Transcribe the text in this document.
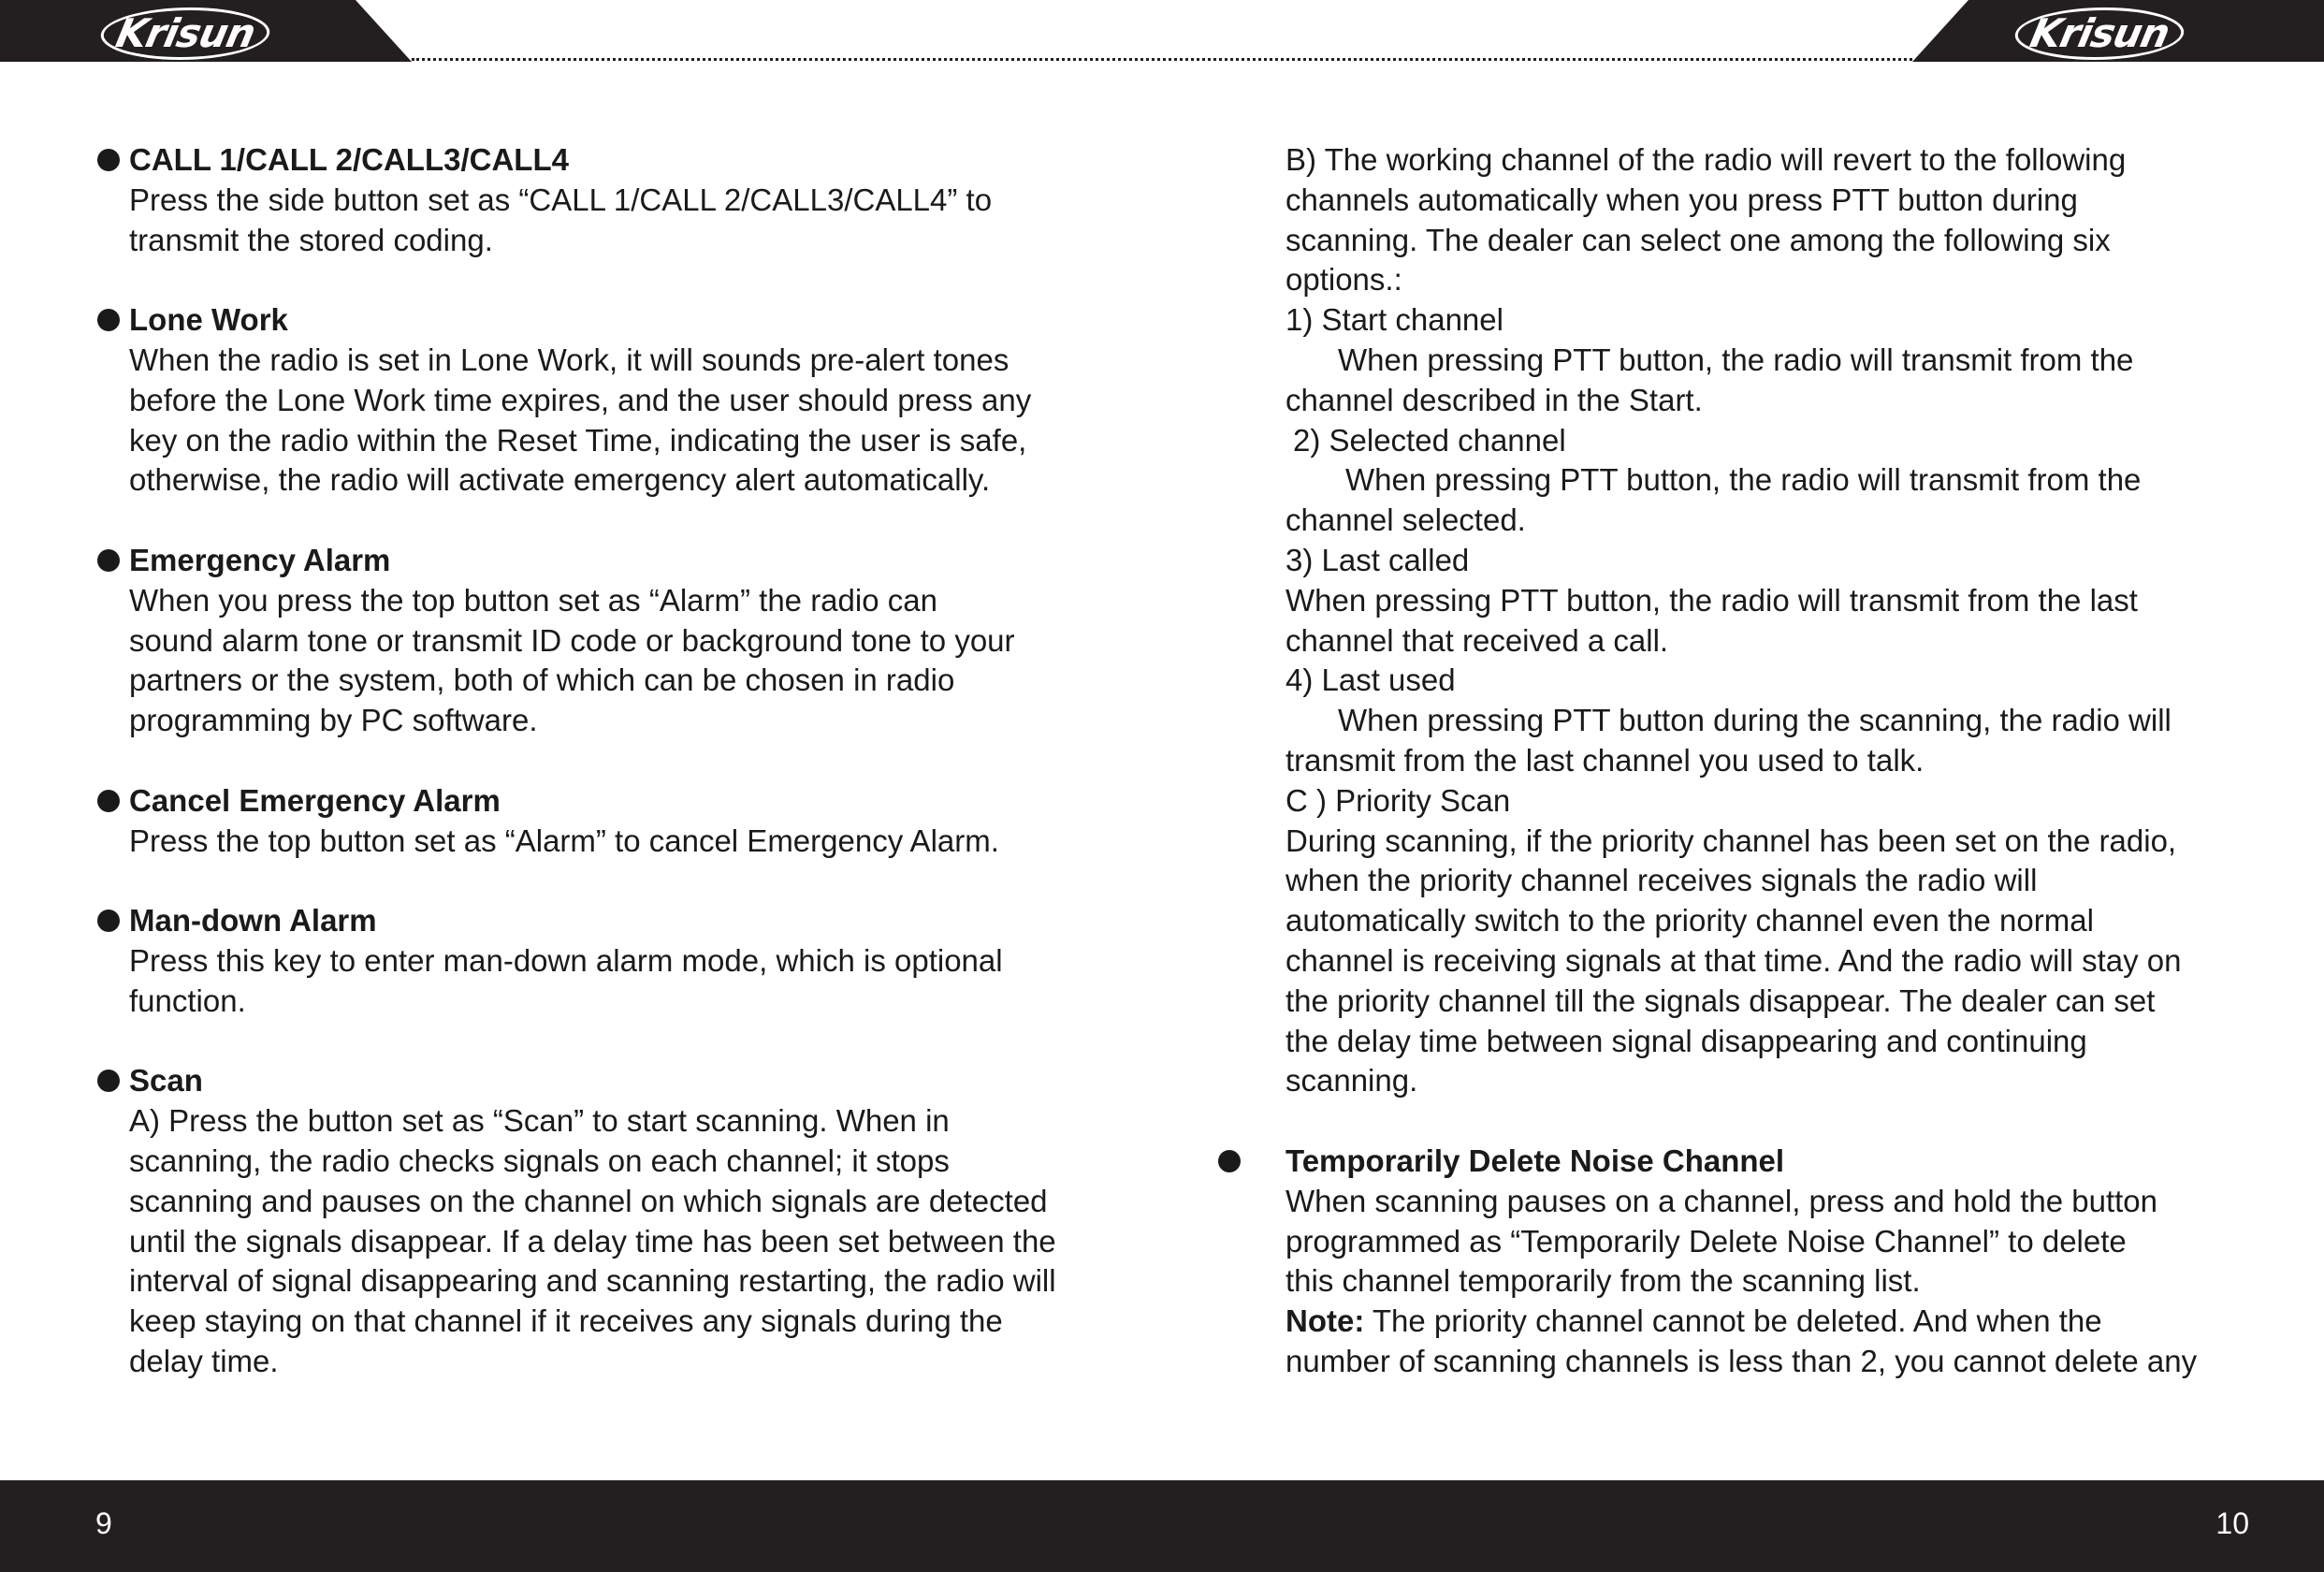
Krisun	Krisun
CALL 1/CALL 2/CALL3/CALL4
Press the side button set as “CALL 1/CALL 2/CALL3/CALL4” to
transmit the stored coding.
Lone Work
When the radio is set in Lone Work, it will sounds pre-alert tones
before the Lone Work time expires, and the user should press any
key on the radio within the Reset Time, indicating the user is safe,
otherwise, the radio will activate emergency alert automatically.
Emergency Alarm
When you press the top button set as “Alarm” the radio can
sound alarm tone or transmit ID code or background tone to your
partners or the system, both of which can be chosen in radio
programming by PC software.
Cancel Emergency Alarm
Press the top button set as “Alarm” to cancel Emergency Alarm.
Man-down Alarm
Press this key to enter man-down alarm mode, which is optional
function.
Scan
A) Press the button set as “Scan” to start scanning. When in
scanning, the radio checks signals on each channel; it stops
scanning and pauses on the channel on which signals are detected
until the signals disappear. If a delay time has been set between the
interval of signal disappearing and scanning restarting, the radio will
keep staying on that channel if it receives any signals during the
delay time.
B) The working channel of the radio will revert to the following
channels automatically when you press PTT button during
scanning. The dealer can select one among the following six
options.:
1) Start channel
When pressing PTT button, the radio will transmit from the
channel described in the Start.
2) Selected channel
When pressing PTT button, the radio will transmit from the
channel selected.
3) Last called
When pressing PTT button, the radio will transmit from the last
channel that received a call.
4) Last used
When pressing PTT button during the scanning, the radio will
transmit from the last channel you used to talk.
C ) Priority Scan
During scanning, if the priority channel has been set on the radio,
when the priority channel receives signals the radio will
automatically switch to the priority channel even the normal
channel is receiving signals at that time. And the radio will stay on
the priority channel till the signals disappear. The dealer can set
the delay time between signal disappearing and continuing
scanning.
Temporarily Delete Noise Channel
When scanning pauses on a channel, press and hold the button
programmed as “Temporarily Delete Noise Channel” to delete
this channel temporarily from the scanning list.
Note: The priority channel cannot be deleted. And when the
number of scanning channels is less than 2, you cannot delete any
9	10
